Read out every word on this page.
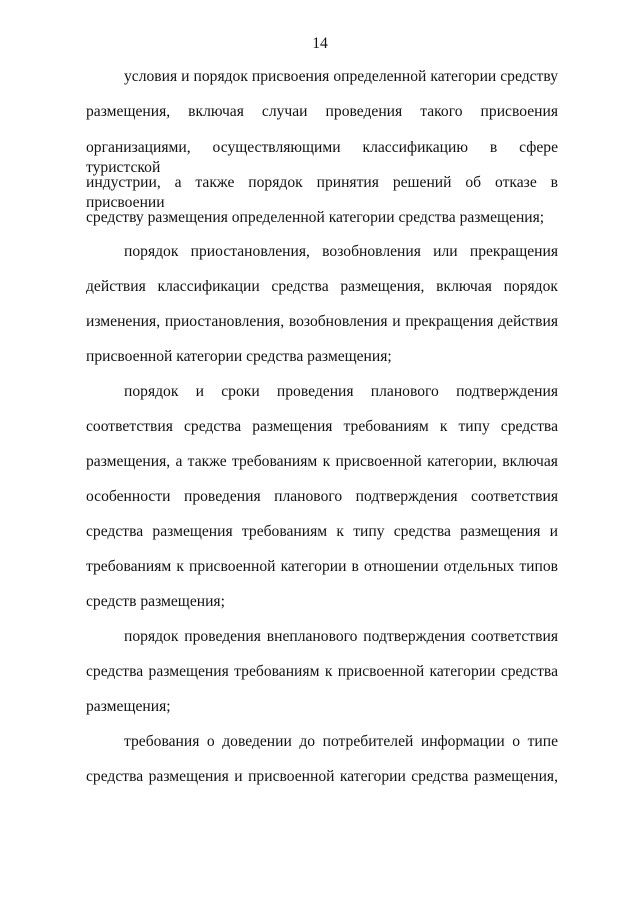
14
условия и порядок присвоения определенной категории средству
размещения, включая случаи проведения такого присвоения
организациями, осуществляющими классификацию в сфере туристской
индустрии, а также порядок принятия решений об отказе в присвоении
средству размещения определенной категории средства размещения;
порядок приостановления, возобновления или прекращения
действия классификации средства размещения, включая порядок
изменения, приостановления, возобновления и прекращения действия
присвоенной категории средства размещения;
порядок и сроки проведения планового подтверждения
соответствия средства размещения требованиям к типу средства
размещения, а также требованиям к присвоенной категории, включая
особенности проведения планового подтверждения соответствия
средства размещения требованиям к типу средства размещения и
требованиям к присвоенной категории в отношении отдельных типов
средств размещения;
порядок проведения внепланового подтверждения соответствия
средства размещения требованиям к присвоенной категории средства
размещения;
требования о доведении до потребителей информации о типе
средства размещения и присвоенной категории средства размещения,
